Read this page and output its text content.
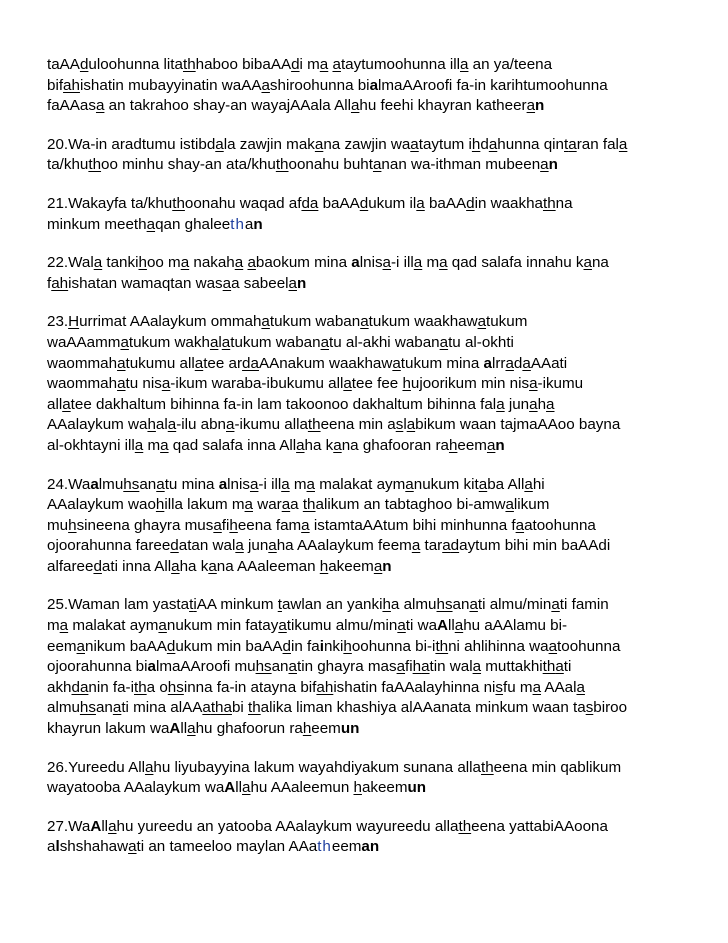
taAAduloohunna litathhaboo bibaAAdi ma ataytumoohunna illa an ya/teena
bifahishatin mubayyinatin waAAashiroohunna bialmaAAroofi fa-in karihtumoohunna
faAAasa an takrahoo shay-an wayajAAala Allahu feehi khayran katheeran
20.Wa-in aradtumu istibdala zawjin makana zawjin waataytum ihdahunna qintaran fala
ta/khuthoo minhu shay-an ata/khuthoonahu buhtanan wa-ithman mubeenan
21.Wakayfa ta/khuthoonahu waqad afda baAAdukum ila baAAdin waakhathna
minkum meethaqan ghaleethan
22.Wala tankihoo ma nakaha abaokum mina alnisa-i illa ma qad salafa innahu kana
fahishatan wamaqtan wasaa sabeelan
23.Hurrimat AAalaykum ommahatukum wabanatukum waakhawatukum
waAAammatukum wakhalatukum wabanatu al-akhi wabanatu al-okhti
waommahatukumu allatee ardaAAnakum waakhawatukum mina alrradaAAati
waommahatu nisa-ikum waraba-ibukumu allatee fee hujoorikum min nisa-ikumu
allatee dakhaltum bihinna fa-in lam takoonoo dakhaltum bihinna fala junaha
AAalaykum wahala-ilu abna-ikumu allatheena min aslabikum waan tajmaAAoo bayna
al-okhtayni illa ma qad salafa inna Allaha kana ghafooran raheeman
24.Waalmuhsanatu mina alnisa-i illa ma malakat aymanukum kitaba Allahi
AAalaykum waohilla lakum ma waraa thalikum an tabtaghoo bi-amwalikum
muhsineena ghayra musafiheena fama istamtaAAtum bihi minhunna faatoohunna
ojoorahunna fareedatan wala junaha AAalaykum feema taradaytum bihi min baAAdi
alfareedati inna Allaha kana AAaleeman hakeeman
25.Waman lam yastatiAA minkum tawlan an yankiha almuhsanati almu/minati famin
ma malakat aymanukum min fatayatikumu almu/minati waAllahu aAAlamu bi-
eemanikum baAAdukum min baAAdin fainkihoohunna bi-ithni ahlihinna waatoohunna
ojoorahunna bialmaAAroofi muhsanatin ghayra masafihatin wala muttakhithati
akhdanin fa-itha ohsinna fa-in atayna bifahishatin faAAalayhinna nisfu ma AAala
almuhsanati mina alAAathabi thalika liman khashiya alAAanata minkum waan tasbiroo
khayrun lakum waAllahu ghafoorun raheemun
26.Yureedu Allahu liyubayyina lakum wayahdiyakum sunana allatheena min qablikum
wayatooba AAalaykum waAllahu AAaleemun hakeemun
27.WaAllahu yureedu an yatooba AAalaykum wayureedu allatheena yattabiAAoona
alshshahawati an tameeloo maylan AAatheeman
